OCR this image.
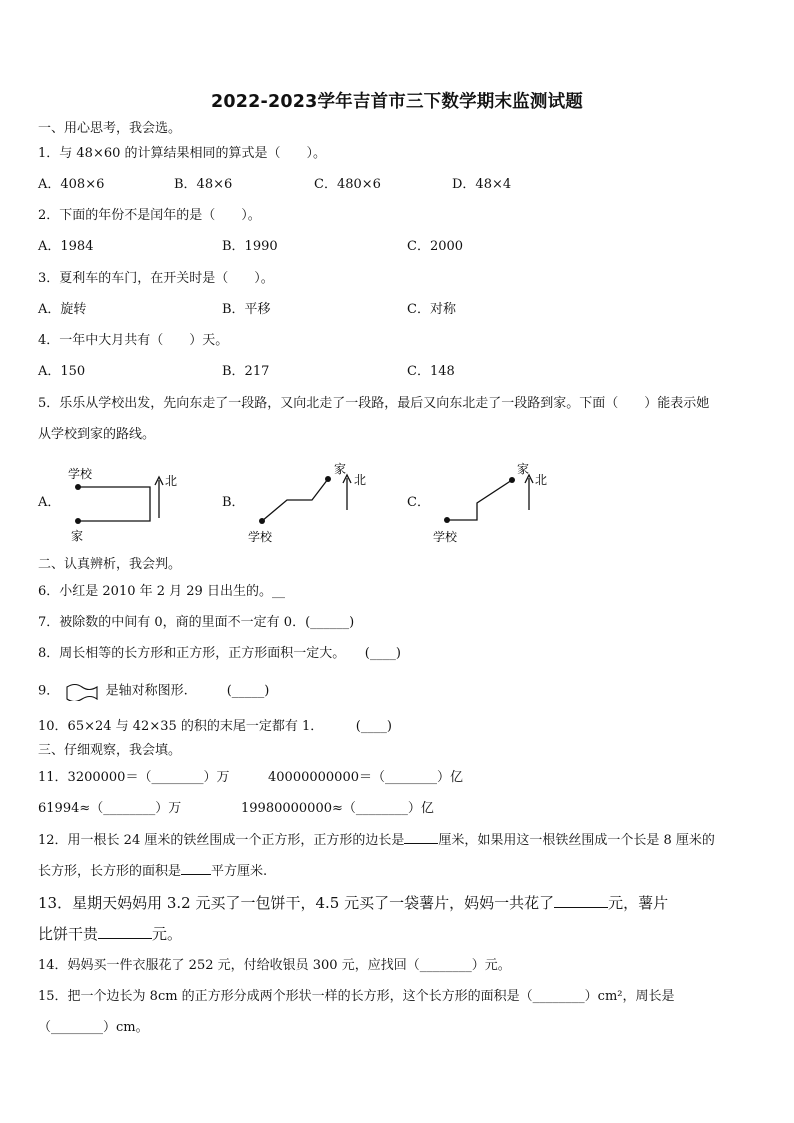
2022-2023学年吉首市三下数学期末监测试题
一、用心思考，我会选。
1．与 48×60 的计算结果相同的算式是（　　）。
A．408×6	B．48×6	C．480×6	D．48×4
2．下面的年份不是闰年的是（　　）。
A．1984	B．1990	C．2000
3．夏利车的车门，在开关时是（　　）。
A．旋转	B．平移	C．对称
4．一年中大月共有（　　）天。
A．150	B．217	C．148
5．乐乐从学校出发，先向东走了一段路，又向北走了一段路，最后又向东北走了一段路到家。下面（　　）能表示她
从学校到家的路线。
A．	B．	C．
学校
家
北
家
学校
北
家
学校
北
二、认真辨析，我会判。
6．小红是 2010 年 2 月 29 日出生的。__
7．被除数的中间有 0，商的里面不一定有 0．(______)
8．周长相等的长方形和正方形，正方形面积一定大。　　(____)
9．	是轴对称图形.　　　(_____)
10．65×24 与 42×35 的积的末尾一定都有 1．　　　(____)
三、仔细观察，我会填。
11．3200000＝（________）万	40000000000＝（________）亿
61994≈（________）万	19980000000≈（________）亿
12．用一根长 24 厘米的铁丝围成一个正方形，正方形的边长是	厘米，如果用这一根铁丝围成一个长是 8 厘米的
长方形，长方形的面积是 平方厘米.
13．星期天妈妈用 3.2 元买了一包饼干，4.5 元买了一袋薯片，妈妈一共花了	元，薯片
比饼干贵	元。
14．妈妈买一件衣服花了 252 元，付给收银员 300 元，应找回（________）元。
15．把一个边长为 8cm 的正方形分成两个形状一样的长方形，这个长方形的面积是（________）cm²，周长是
（________）cm。
